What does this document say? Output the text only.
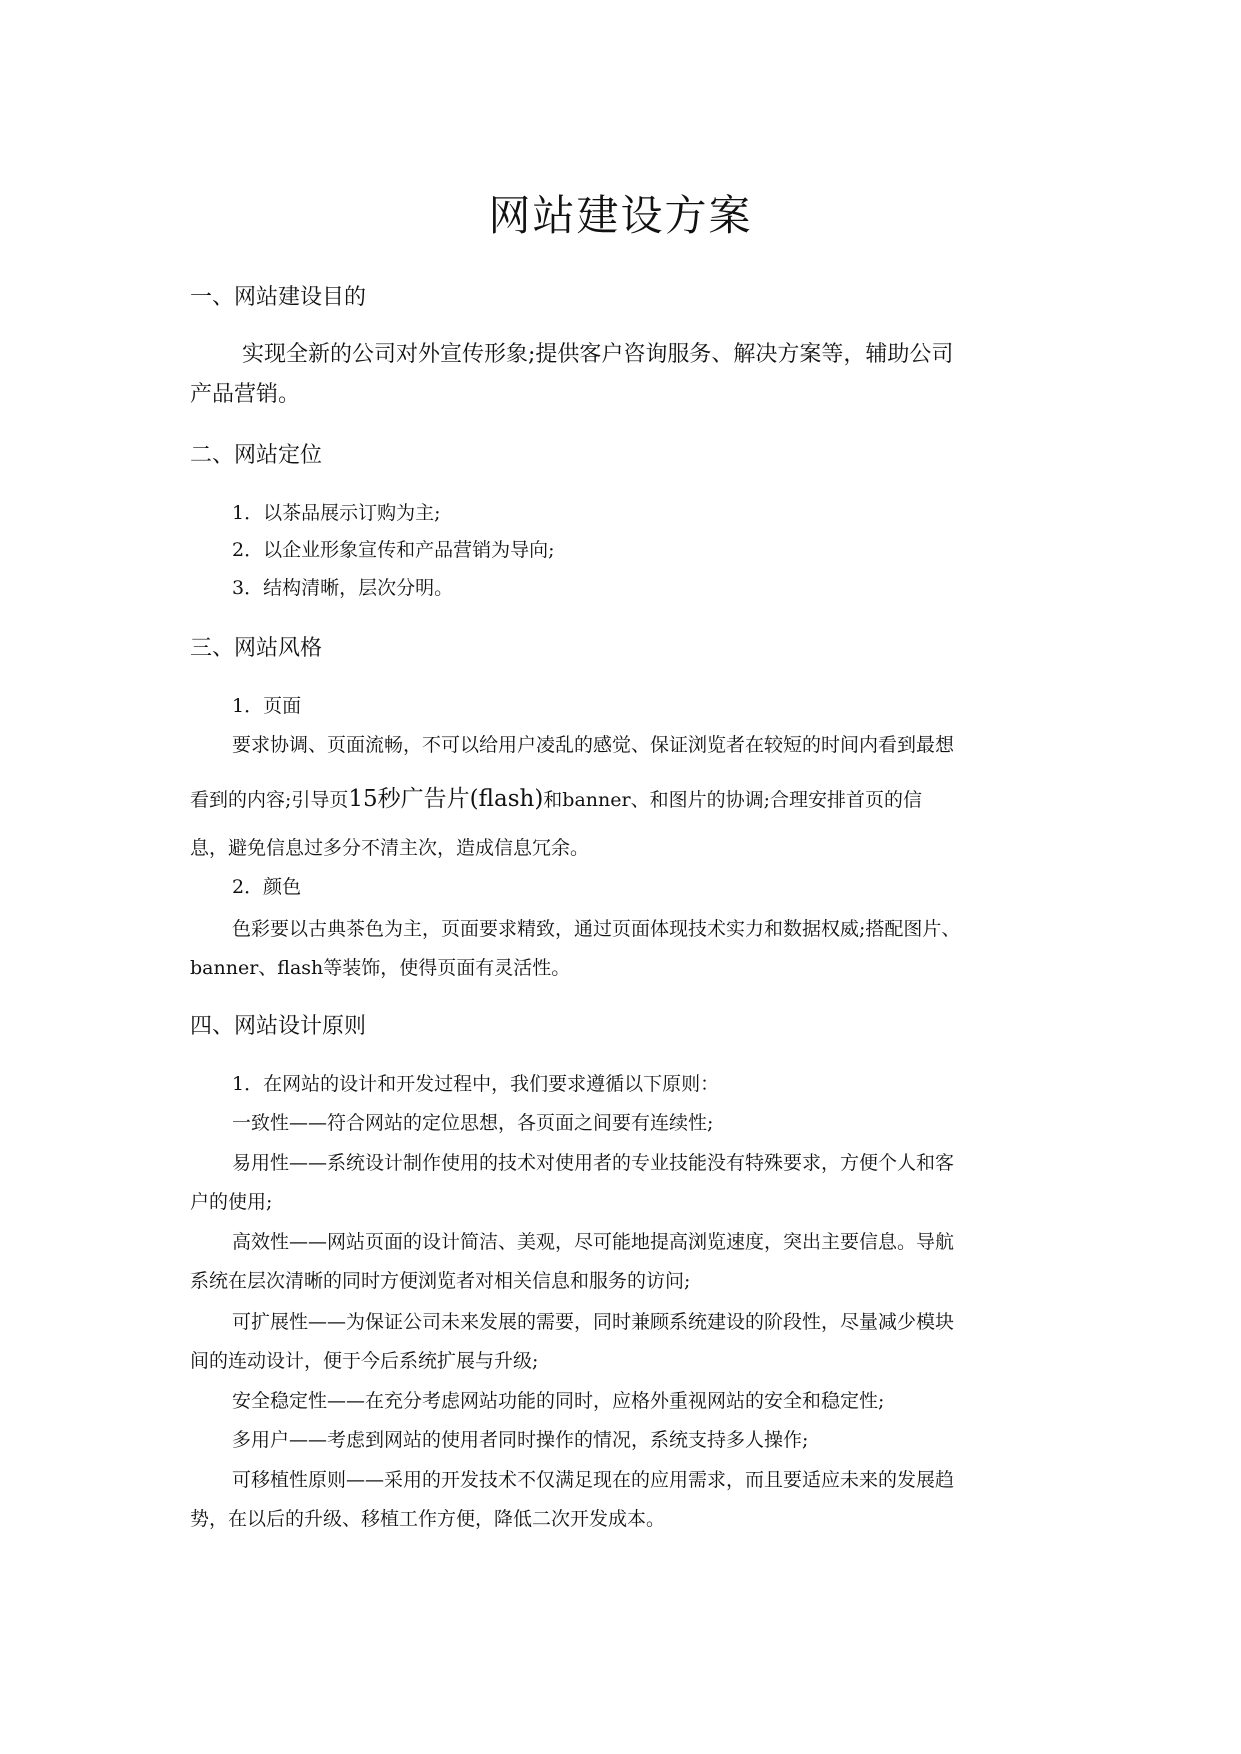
网站建设方案
一、网站建设目的
实现全新的公司对外宣传形象;提供客户咨询服务、解决方案等，辅助公司
产品营销。
二、网站定位
1．以茶品展示订购为主;
2．以企业形象宣传和产品营销为导向;
3．结构清晰，层次分明。
三、网站风格
1．页面
要求协调、页面流畅，不可以给用户凌乱的感觉、保证浏览者在较短的时间内看到最想
看到的内容;引导页15秒广告片(flash)和banner、和图片的协调;合理安排首页的信
息，避免信息过多分不清主次，造成信息冗余。
2．颜色
色彩要以古典茶色为主，页面要求精致，通过页面体现技术实力和数据权威;搭配图片、
banner、flash等装饰，使得页面有灵活性。
四、网站设计原则
1．在网站的设计和开发过程中，我们要求遵循以下原则：
一致性——符合网站的定位思想，各页面之间要有连续性;
易用性——系统设计制作使用的技术对使用者的专业技能没有特殊要求，方便个人和客
户的使用;
高效性——网站页面的设计简洁、美观，尽可能地提高浏览速度，突出主要信息。导航
系统在层次清晰的同时方便浏览者对相关信息和服务的访问;
可扩展性——为保证公司未来发展的需要，同时兼顾系统建设的阶段性，尽量减少模块
间的连动设计，便于今后系统扩展与升级;
安全稳定性——在充分考虑网站功能的同时，应格外重视网站的安全和稳定性;
多用户——考虑到网站的使用者同时操作的情况，系统支持多人操作;
可移植性原则——采用的开发技术不仅满足现在的应用需求，而且要适应未来的发展趋
势，在以后的升级、移植工作方便，降低二次开发成本。
